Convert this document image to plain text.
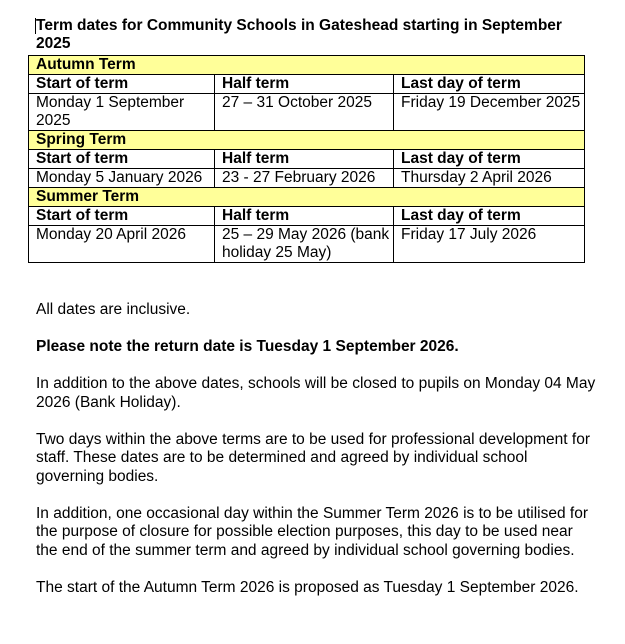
Term dates for Community Schools in Gateshead starting in September 2025
Autumn Term		
Start of term	Half term	Last day of term
Monday 1 September 2025	27 – 31 October 2025	Friday 19 December 2025
Spring Term		
Start of term	Half term	Last day of term
Monday 5 January 2026	23 - 27 February 2026	Thursday 2 April 2026
Summer Term		
Start of term	Half term	Last day of term
Monday 20 April 2026	25 – 29 May 2026 (bank holiday 25 May)	Friday 17 July 2026

All dates are inclusive.

Please note the return date is Tuesday 1 September 2026.

In addition to the above dates, schools will be closed to pupils on Monday 04 May 2026 (Bank Holiday).

Two days within the above terms are to be used for professional development for staff. These dates are to be determined and agreed by individual school governing bodies.

In addition, one occasional day within the Summer Term 2026 is to be utilised for the purpose of closure for possible election purposes, this day to be used near the end of the summer term and agreed by individual school governing bodies.

The start of the Autumn Term 2026 is proposed as Tuesday 1 September 2026.
